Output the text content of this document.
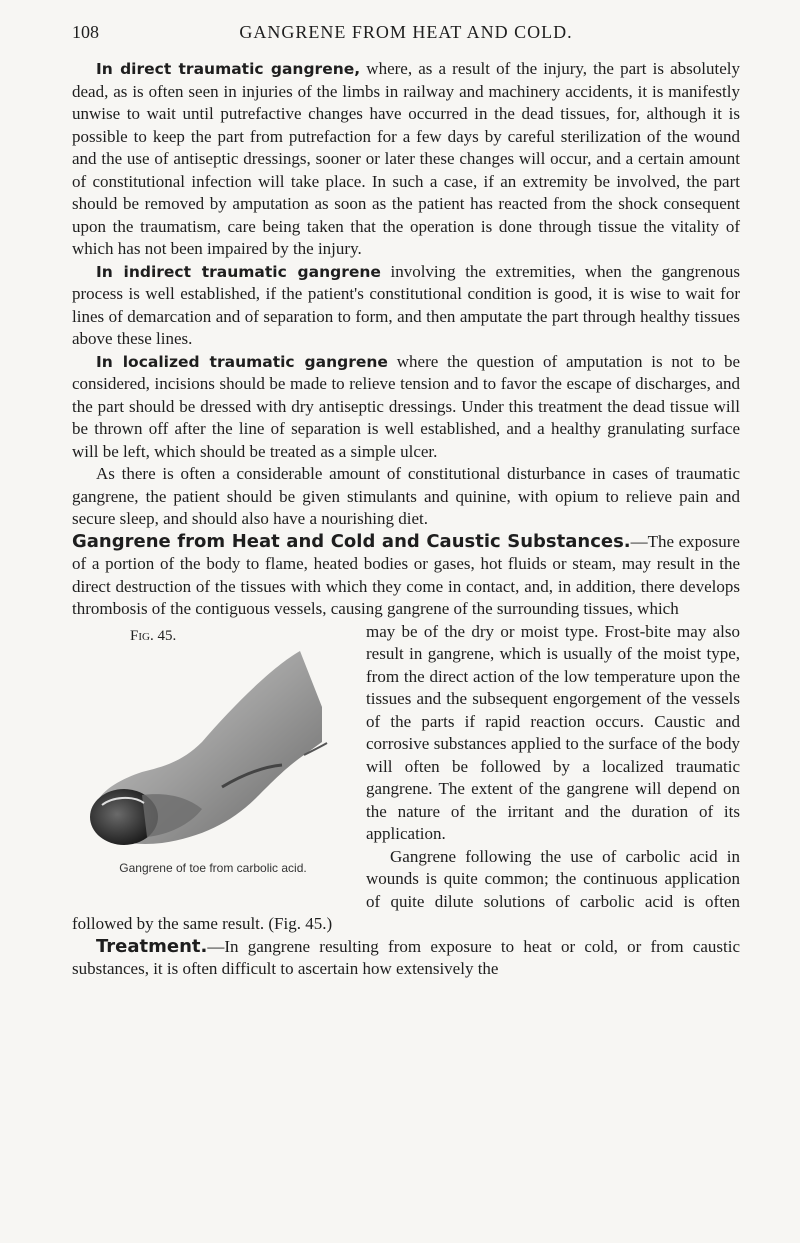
108	GANGRENE FROM HEAT AND COLD.

In direct traumatic gangrene, where, as a result of the injury, the part is absolutely dead, as is often seen in injuries of the limbs in railway and machinery accidents, it is manifestly unwise to wait until putrefactive changes have occurred in the dead tissues, for, although it is possible to keep the part from putrefaction for a few days by careful sterilization of the wound and the use of antiseptic dressings, sooner or later these changes will occur, and a certain amount of constitutional infection will take place. In such a case, if an extremity be involved, the part should be removed by amputation as soon as the patient has reacted from the shock consequent upon the traumatism, care being taken that the operation is done through tissue the vitality of which has not been impaired by the injury.

In indirect traumatic gangrene involving the extremities, when the gangrenous process is well established, if the patient's constitutional condition is good, it is wise to wait for lines of demarcation and of separation to form, and then amputate the part through healthy tissues above these lines.

In localized traumatic gangrene where the question of amputation is not to be considered, incisions should be made to relieve tension and to favor the escape of discharges, and the part should be dressed with dry antiseptic dressings. Under this treatment the dead tissue will be thrown off after the line of separation is well established, and a healthy granulating surface will be left, which should be treated as a simple ulcer.

As there is often a considerable amount of constitutional disturbance in cases of traumatic gangrene, the patient should be given stimulants and quinine, with opium to relieve pain and secure sleep, and should also have a nourishing diet.

Gangrene from Heat and Cold and Caustic Substances.—The exposure of a portion of the body to flame, heated bodies or gases, hot fluids or steam, may result in the direct destruction of the tissues with which they come in contact, and, in addition, there develops thrombosis of the contiguous vessels, causing gangrene of the surrounding tissues, which

Fig. 45.
Gangrene of toe from carbolic acid.

may be of the dry or moist type. Frost-bite may also result in gangrene, which is usually of the moist type, from the direct action of the low temperature upon the tissues and the subsequent engorgement of the vessels of the parts if rapid reaction occurs. Caustic and corrosive substances applied to the surface of the body will often be followed by a localized traumatic gangrene. The extent of the gangrene will depend on the nature of the irritant and the duration of its application.

Gangrene following the use of carbolic acid in wounds is quite common; the continuous application of quite dilute solutions of carbolic acid is often followed by the same result. (Fig. 45.)

Treatment.—In gangrene resulting from exposure to heat or cold, or from caustic substances, it is often difficult to ascertain how extensively the
